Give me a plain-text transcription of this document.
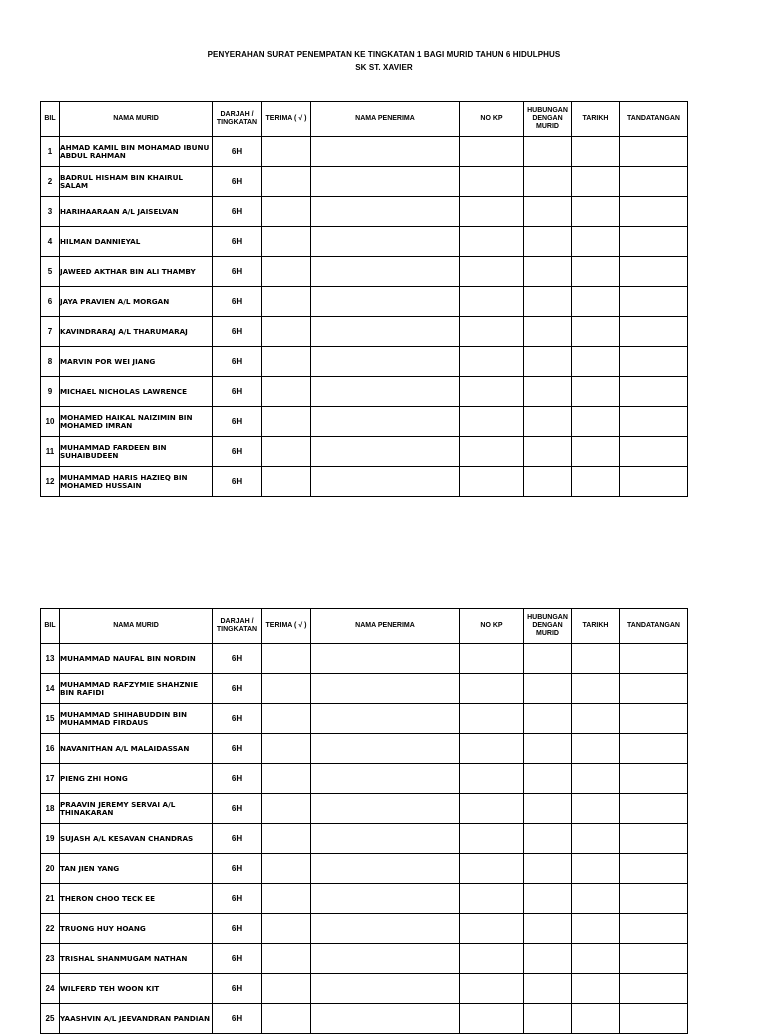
PENYERAHAN SURAT PENEMPATAN KE TINGKATAN 1 BAGI MURID TAHUN 6 HIDULPHUS
SK ST. XAVIER
BIL	NAMA MURID	DARJAH / TINGKATAN	TERIMA ( √ )	NAMA PENERIMA	NO KP	HUBUNGAN DENGAN MURID	TARIKH	TANDATANGAN
1	AHMAD KAMIL BIN MOHAMAD IBUNU ABDUL RAHMAN	6H						
2	BADRUL HISHAM BIN KHAIRUL SALAM	6H						
3	HARIHAARAAN A/L JAISELVAN	6H						
4	HILMAN DANNIEYAL	6H						
5	JAWEED AKTHAR BIN ALI THAMBY	6H						
6	JAYA PRAVIEN A/L MORGAN	6H						
7	KAVINDRARAJ A/L THARUMARAJ	6H						
8	MARVIN POR WEI JIANG	6H						
9	MICHAEL NICHOLAS LAWRENCE	6H						
10	MOHAMED HAIKAL NAIZIMIN BIN MOHAMED IMRAN	6H						
11	MUHAMMAD FARDEEN BIN SUHAIBUDEEN	6H						
12	MUHAMMAD HARIS HAZIEQ BIN MOHAMED HUSSAIN	6H						
BIL	NAMA MURID	DARJAH / TINGKATAN	TERIMA ( √ )	NAMA PENERIMA	NO KP	HUBUNGAN DENGAN MURID	TARIKH	TANDATANGAN
13	MUHAMMAD NAUFAL BIN NORDIN	6H						
14	MUHAMMAD RAFZYMIE SHAHZNIE BIN RAFIDI	6H						
15	MUHAMMAD SHIHABUDDIN BIN MUHAMMAD FIRDAUS	6H						
16	NAVANITHAN A/L MALAIDASSAN	6H						
17	PIENG ZHI HONG	6H						
18	PRAAVIN JEREMY SERVAI A/L THINAKARAN	6H						
19	SUJASH A/L KESAVAN CHANDRAS	6H						
20	TAN JIEN YANG	6H						
21	THERON CHOO TECK EE	6H						
22	TRUONG HUY HOANG	6H						
23	TRISHAL SHANMUGAM NATHAN	6H						
24	WILFERD TEH WOON KIT	6H						
25	YAASHVIN A/L JEEVANDRAN PANDIAN	6H						
